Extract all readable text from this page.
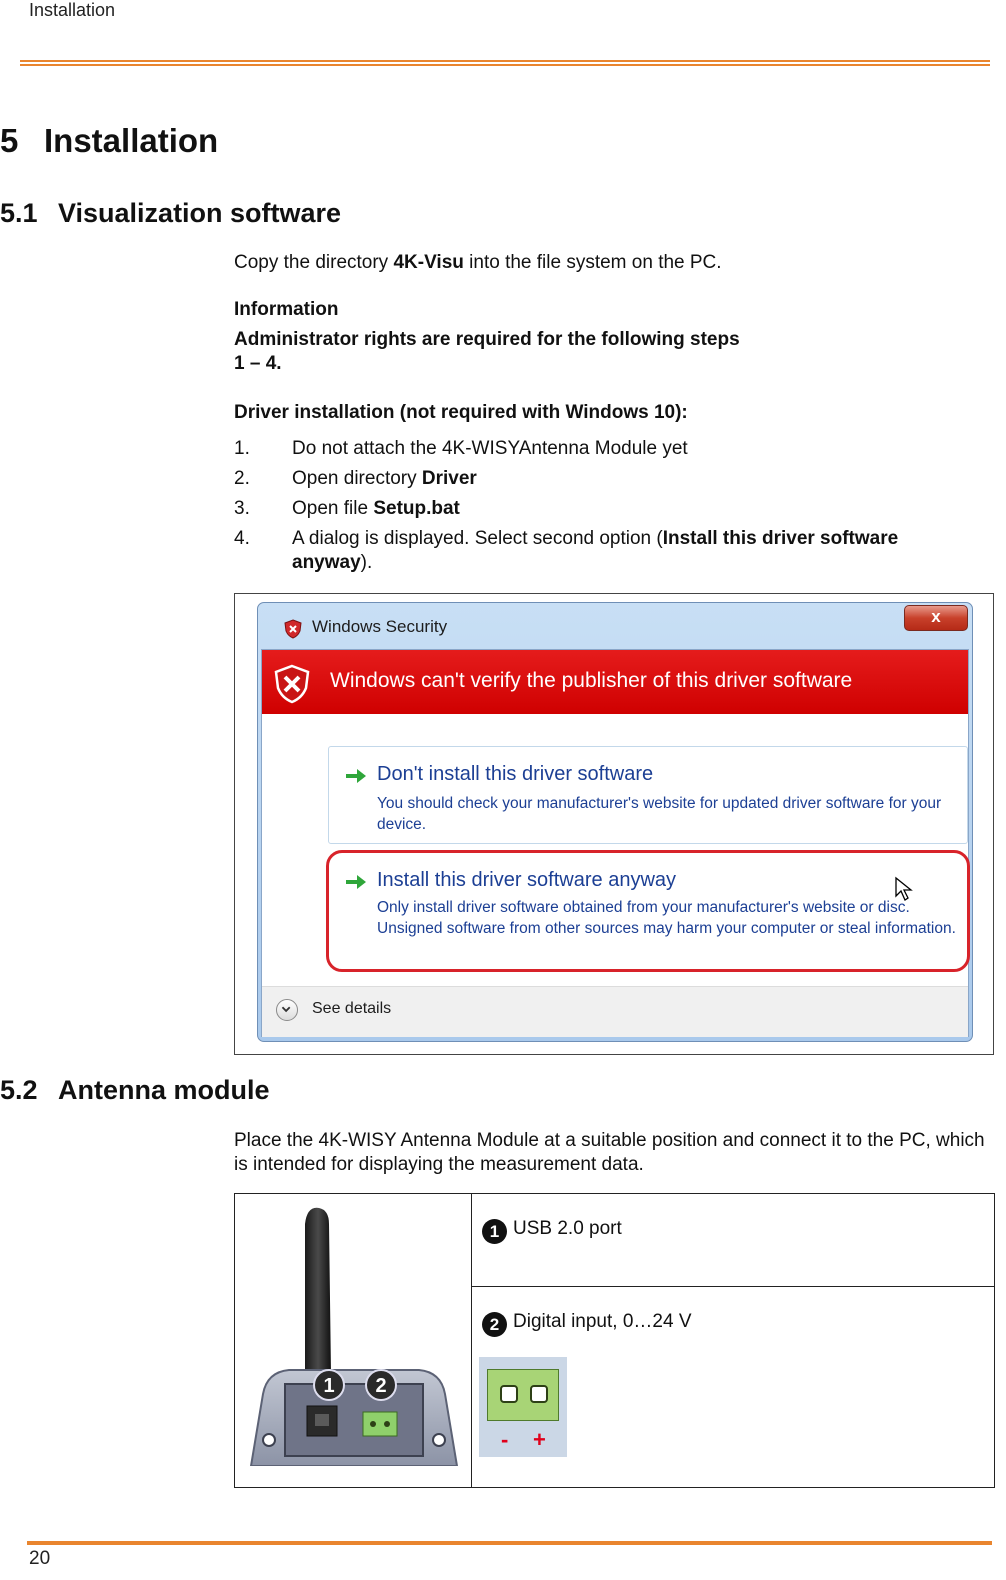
Installation
5 Installation
5.1 Visualization software
Copy the directory 4K-Visu into the file system on the PC.
Information
Administrator rights are required for the following steps
1 – 4.
Driver installation (not required with Windows 10):
1. Do not attach the 4K-WISYAntenna Module yet
2. Open directory Driver
3. Open file Setup.bat
4. A dialog is displayed. Select second option (Install this driver software anyway).
Windows Security
x
Windows can't verify the publisher of this driver software
Don't install this driver software
You should check your manufacturer's website for updated driver software for your device.
Install this driver software anyway
Only install driver software obtained from your manufacturer's website or disc. Unsigned software from other sources may harm your computer or steal information.
See details
5.2 Antenna module
Place the 4K-WISY Antenna Module at a suitable position and connect it to the PC, which is intended for displaying the measurement data.
1 2
1 USB 2.0 port
2 Digital input, 0…24 V
- +
20
